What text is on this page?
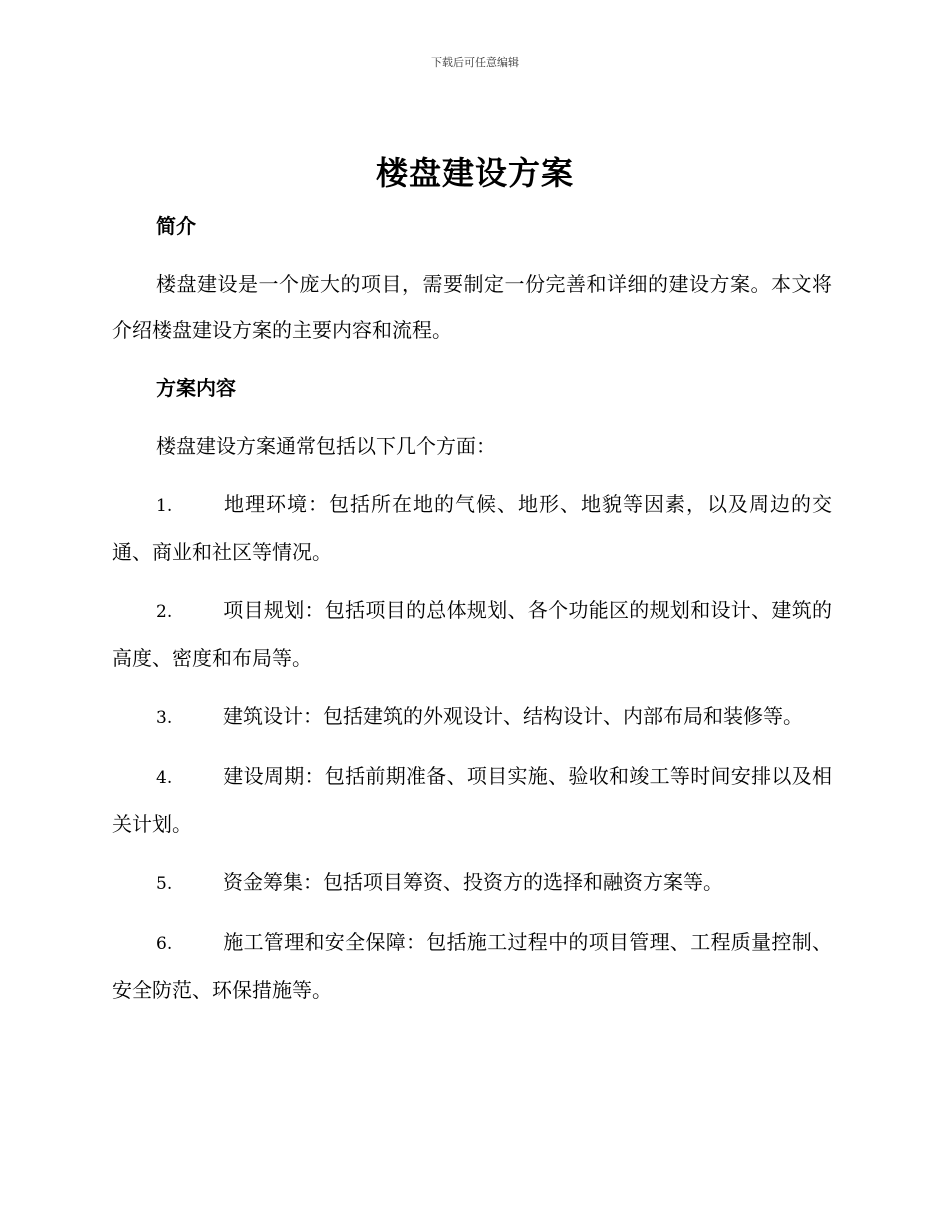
下载后可任意编辑
楼盘建设方案
简介

楼盘建设是一个庞大的项目，需要制定一份完善和详细的建设方案。本文将介绍楼盘建设方案的主要内容和流程。

方案内容

楼盘建设方案通常包括以下几个方面：

1.	地理环境：包括所在地的气候、地形、地貌等因素，以及周边的交通、商业和社区等情况。

2.	项目规划：包括项目的总体规划、各个功能区的规划和设计、建筑的高度、密度和布局等。

3.	建筑设计：包括建筑的外观设计、结构设计、内部布局和装修等。

4.	建设周期：包括前期准备、项目实施、验收和竣工等时间安排以及相关计划。

5.	资金筹集：包括项目筹资、投资方的选择和融资方案等。

6.	施工管理和安全保障：包括施工过程中的项目管理、工程质量控制、安全防范、环保措施等。
